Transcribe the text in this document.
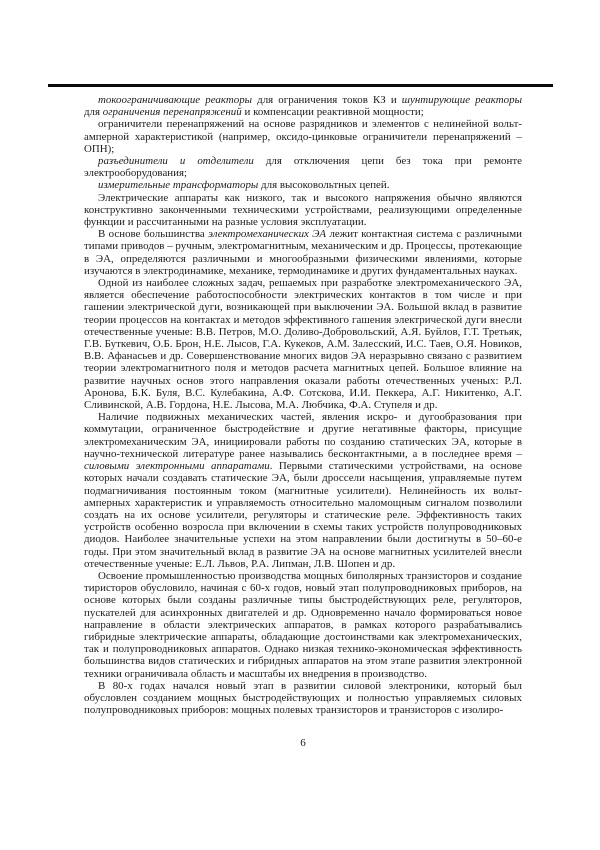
токоограничивающие реакторы для ограничения токов КЗ и шунтирующие реакторы для ограничения перенапряжений и компенсации реактивной мощности;

ограничители перенапряжений на основе разрядников и элементов с нелинейной вольт-амперной характеристикой (например, оксидо-цинковые ограничители перенапряжений – ОПН);

разъединители и отделители для отключения цепи без тока при ремонте электрооборудования;

измерительные трансформаторы для высоковольтных цепей.

Электрические аппараты как низкого, так и высокого напряжения обычно являются конструктивно законченными техническими устройствами, реализующими определенные функции и рассчитанными на разные условия эксплуатации.

В основе большинства электромеханических ЭА лежит контактная система с различными типами приводов – ручным, электромагнитным, механическим и др. Процессы, протекающие в ЭА, определяются различными и многообразными физическими явлениями, которые изучаются в электродинамике, механике, термодинамике и других фундаментальных науках.

Одной из наиболее сложных задач, решаемых при разработке электромеханического ЭА, является обеспечение работоспособности электрических контактов в том числе и при гашении электрической дуги, возникающей при выключении ЭА. Большой вклад в развитие теории процессов на контактах и методов эффективного гашения электрической дуги внесли отечественные ученые: В.В. Петров, М.О. Доливо-Добровольский, А.Я. Буйлов, Г.Т. Третьяк, Г.В. Буткевич, О.Б. Брон, Н.Е. Лысов, Г.А. Кукеков, А.М. Залесский, И.С. Таев, О.Я. Новиков, В.В. Афанасьев и др. Совершенствование многих видов ЭА неразрывно связано с развитием теории электромагнитного поля и методов расчета магнитных цепей. Большое влияние на развитие научных основ этого направления оказали работы отечественных ученых: Р.Л. Аронова, Б.К. Буля, В.С. Кулебакина, А.Ф. Сотскова, И.И. Пеккера, А.Г. Никитенко, А.Г. Сливинской, А.В. Гордона, Н.Е. Лысова, М.А. Любчика, Ф.А. Ступеля и др.

Наличие подвижных механических частей, явления искро- и дугообразования при коммутации, ограниченное быстродействие и другие негативные факторы, присущие электромеханическим ЭА, инициировали работы по созданию статических ЭА, которые в научно-технической литературе ранее назывались бесконтактными, а в последнее время – силовыми электронными аппаратами. Первыми статическими устройствами, на основе которых начали создавать статические ЭА, были дроссели насыщения, управляемые путем подмагничивания постоянным током (магнитные усилители). Нелинейность их вольт-амперных характеристик и управляемость относительно маломощным сигналом позволили создать на их основе усилители, регуляторы и статические реле. Эффективность таких устройств особенно возросла при включении в схемы таких устройств полупроводниковых диодов. Наиболее значительные успехи на этом направлении были достигнуты в 50–60-е годы. При этом значительный вклад в развитие ЭА на основе магнитных усилителей внесли отечественные ученые: Е.Л. Львов, Р.А. Липман, Л.В. Шопен и др.

Освоение промышленностью производства мощных биполярных транзисторов и создание тиристоров обусловило, начиная с 60-х годов, новый этап полупроводниковых приборов, на основе которых были созданы различные типы быстродействующих реле, регуляторов, пускателей для асинхронных двигателей и др. Одновременно начало формироваться новое направление в области электрических аппаратов, в рамках которого разрабатывались гибридные электрические аппараты, обладающие достоинствами как электромеханических, так и полупроводниковых аппаратов. Однако низкая технико-экономическая эффективность большинства видов статических и гибридных аппаратов на этом этапе развития электронной техники ограничивала область и масштабы их внедрения в производство.

В 80-х годах начался новый этап в развитии силовой электроники, который был обусловлен созданием мощных быстродействующих и полностью управляемых силовых полупроводниковых приборов: мощных полевых транзисторов и транзисторов с изолиро-

6
